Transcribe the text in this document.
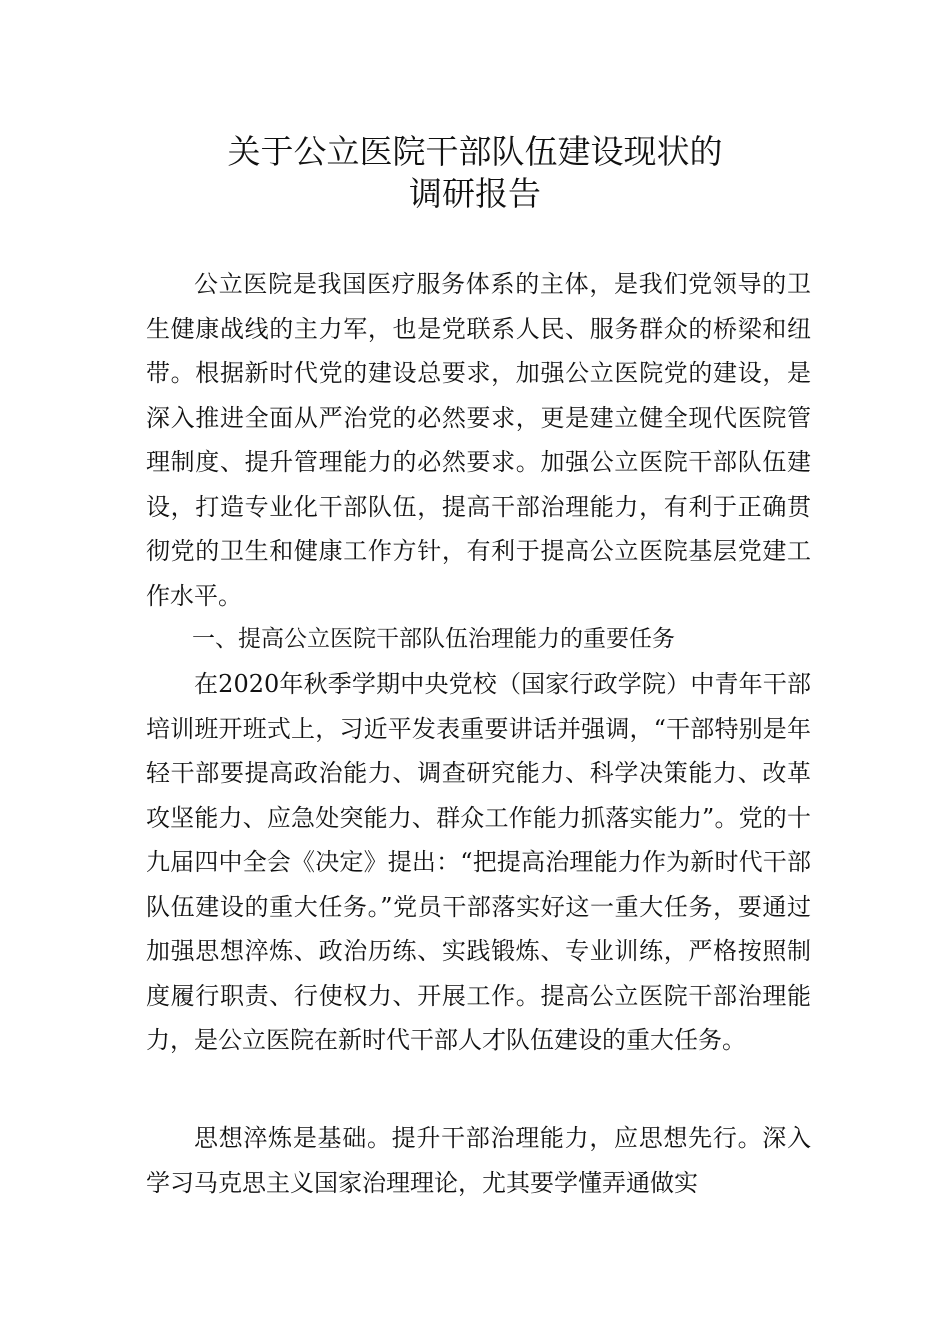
关于公立医院干部队伍建设现状的
调研报告

公立医院是我国医疗服务体系的主体，是我们党领导的卫生健康战线的主力军，也是党联系人民、服务群众的桥梁和纽带。根据新时代党的建设总要求，加强公立医院党的建设，是深入推进全面从严治党的必然要求，更是建立健全现代医院管理制度、提升管理能力的必然要求。加强公立医院干部队伍建设，打造专业化干部队伍，提高干部治理能力，有利于正确贯彻党的卫生和健康工作方针，有利于提高公立医院基层党建工作水平。

一、提高公立医院干部队伍治理能力的重要任务

在2020年秋季学期中央党校（国家行政学院）中青年干部培训班开班式上，习近平发表重要讲话并强调，“干部特别是年轻干部要提高政治能力、调查研究能力、科学决策能力、改革攻坚能力、应急处突能力、群众工作能力抓落实能力”。党的十九届四中全会《决定》提出：“把提高治理能力作为新时代干部队伍建设的重大任务。”党员干部落实好这一重大任务，要通过加强思想淬炼、政治历练、实践锻炼、专业训练，严格按照制度履行职责、行使权力、开展工作。提高公立医院干部治理能力，是公立医院在新时代干部人才队伍建设的重大任务。

思想淬炼是基础。提升干部治理能力，应思想先行。深入学习马克思主义国家治理理论，尤其要学懂弄通做实
